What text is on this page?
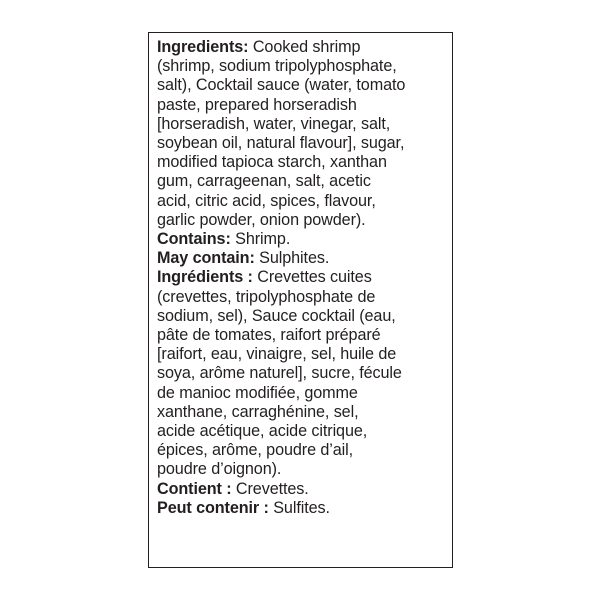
Ingredients: Cooked shrimp
(shrimp, sodium tripolyphosphate,
salt), Cocktail sauce (water, tomato
paste, prepared horseradish
[horseradish, water, vinegar, salt,
soybean oil, natural flavour], sugar,
modified tapioca starch, xanthan
gum, carrageenan, salt, acetic
acid, citric acid, spices, flavour,
garlic powder, onion powder).
Contains: Shrimp.
May contain: Sulphites.
Ingrédients : Crevettes cuites
(crevettes, tripolyphosphate de
sodium, sel), Sauce cocktail (eau,
pâte de tomates, raifort préparé
[raifort, eau, vinaigre, sel, huile de
soya, arôme naturel], sucre, fécule
de manioc modifiée, gomme
xanthane, carraghénine, sel,
acide acétique, acide citrique,
épices, arôme, poudre d’ail,
poudre d’oignon).
Contient : Crevettes.
Peut contenir : Sulfites.
